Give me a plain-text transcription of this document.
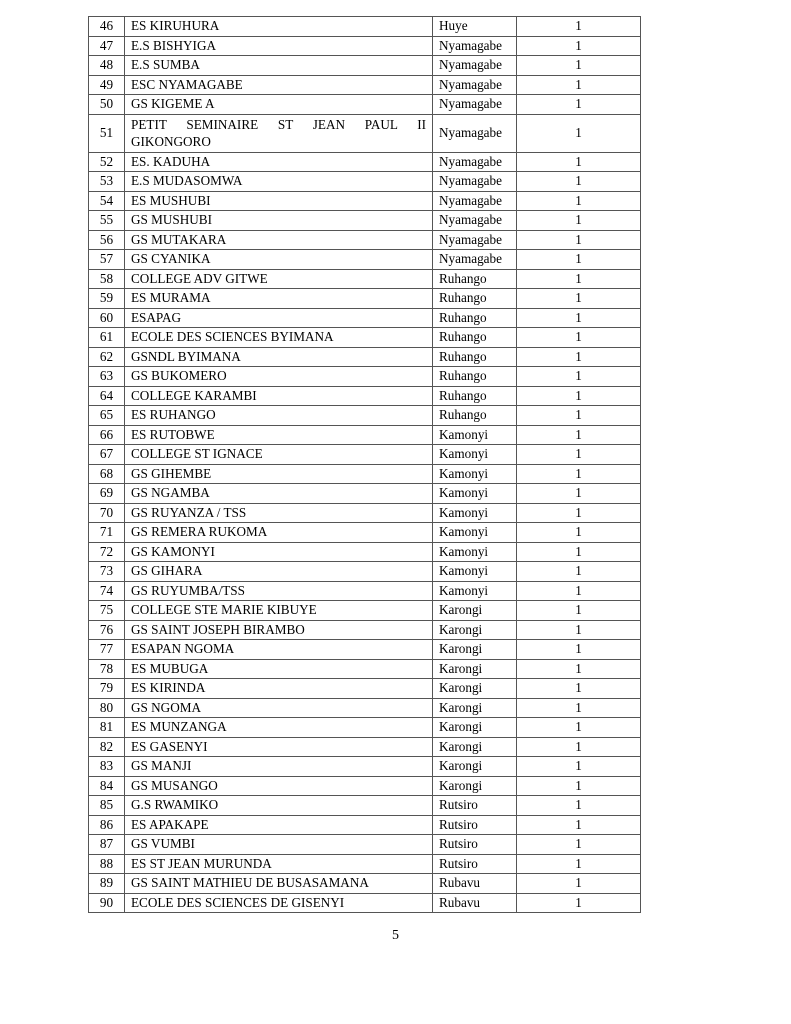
46	ES KIRUHURA	Huye	1
47	E.S BISHYIGA	Nyamagabe	1
48	E.S SUMBA	Nyamagabe	1
49	ESC NYAMAGABE	Nyamagabe	1
50	GS KIGEME A	Nyamagabe	1
51	PETIT SEMINAIRE ST JEAN PAUL II GIKONGORO	Nyamagabe	1
52	ES. KADUHA	Nyamagabe	1
53	E.S MUDASOMWA	Nyamagabe	1
54	ES MUSHUBI	Nyamagabe	1
55	GS MUSHUBI	Nyamagabe	1
56	GS MUTAKARA	Nyamagabe	1
57	GS CYANIKA	Nyamagabe	1
58	COLLEGE ADV GITWE	Ruhango	1
59	ES MURAMA	Ruhango	1
60	ESAPAG	Ruhango	1
61	ECOLE DES SCIENCES BYIMANA	Ruhango	1
62	GSNDL BYIMANA	Ruhango	1
63	GS BUKOMERO	Ruhango	1
64	COLLEGE KARAMBI	Ruhango	1
65	ES RUHANGO	Ruhango	1
66	ES RUTOBWE	Kamonyi	1
67	COLLEGE ST IGNACE	Kamonyi	1
68	GS GIHEMBE	Kamonyi	1
69	GS NGAMBA	Kamonyi	1
70	GS RUYANZA / TSS	Kamonyi	1
71	GS REMERA RUKOMA	Kamonyi	1
72	GS KAMONYI	Kamonyi	1
73	GS GIHARA	Kamonyi	1
74	GS RUYUMBA/TSS	Kamonyi	1
75	COLLEGE STE MARIE KIBUYE	Karongi	1
76	GS SAINT JOSEPH BIRAMBO	Karongi	1
77	ESAPAN NGOMA	Karongi	1
78	ES MUBUGA	Karongi	1
79	ES KIRINDA	Karongi	1
80	GS NGOMA	Karongi	1
81	ES MUNZANGA	Karongi	1
82	ES GASENYI	Karongi	1
83	GS MANJI	Karongi	1
84	GS MUSANGO	Karongi	1
85	G.S RWAMIKO	Rutsiro	1
86	ES APAKAPE	Rutsiro	1
87	GS VUMBI	Rutsiro	1
88	ES ST JEAN MURUNDA	Rutsiro	1
89	GS SAINT MATHIEU DE BUSASAMANA	Rubavu	1
90	ECOLE DES SCIENCES DE GISENYI	Rubavu	1
5
